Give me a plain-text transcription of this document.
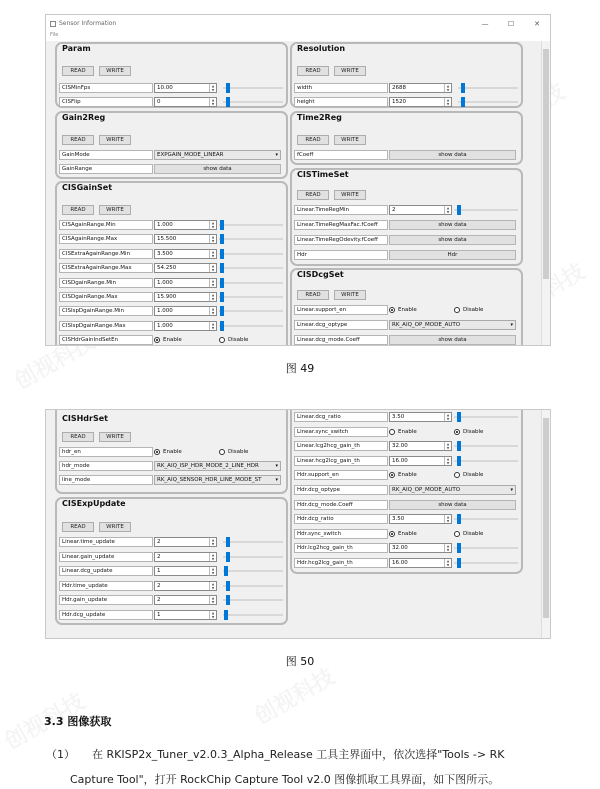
Sensor Information	—	☐	✕
File
Param
READ	WRITE
CISMinFps	10.00	▲
▼
CISFlip	0	▲
▼
Resolution
READ	WRITE
width	2688	▲
▼
height	1520	▲
▼
Gain2Reg
READ	WRITE
GainMode	EXPGAIN_MODE_LINEAR	▾
GainRange	show data
Time2Reg
READ	WRITE
fCoeff	show data
CISGainSet
READ	WRITE
CISAgainRange.Min	1.000	▲
▼
CISAgainRange.Max	15.500	▲
▼
CISExtraAgainRange.Min	3.500	▲
▼
CISExtraAgainRange.Max	54.250	▲
▼
CISDgainRange.Min	1.000	▲
▼
CISDgainRange.Max	15.900	▲
▼
CISIspDgainRange.Min	1.000	▲
▼
CISIspDgainRange.Max	1.000	▲
▼
CISHdrGainIndSetEn	Enable	Disable
CISTimeSet
READ	WRITE
Linear.TimeRegMin	2	▲
▼
Linear.TimeRegMaxFac.fCoeff	show data
Linear.TimeRegOdevity.fCoeff	show data
Hdr	Hdr
CISDcgSet
READ	WRITE
Linear.support_en	Enable	Disable
Linear.dcg_optype	RK_AIQ_OP_MODE_AUTO	▾
Linear.dcg_mode.Coeff	show data
图 49
CISHdrSet
READ	WRITE
hdr_en	Enable	Disable
hdr_mode	RK_AIQ_ISP_HDR_MODE_2_LINE_HDR	▾
line_mode	RK_AIQ_SENSOR_HDR_LINE_MODE_ST	▾
CISExpUpdate
READ	WRITE
Linear.time_update	2	▲
▼
Linear.gain_update	2	▲
▼
Linear.dcg_update	1	▲
▼
Hdr.time_update	2	▲
▼
Hdr.gain_update	2	▲
▼
Hdr.dcg_update	1	▲
▼
Linear.dcg_ratio	3.50	▲
▼
Linear.sync_switch	Enable	Disable
Linear.lcg2hcg_gain_th	32.00	▲
▼
Linear.hcg2lcg_gain_th	16.00	▲
▼
Hdr.support_en	Enable	Disable
Hdr.dcg_optype	RK_AIQ_OP_MODE_AUTO	▾
Hdr.dcg_mode.Coeff	show data
Hdr.dcg_ratio	3.50	▲
▼
Hdr.sync_switch	Enable	Disable
Hdr.lcg2hcg_gain_th	32.00	▲
▼
Hdr.hcg2lcg_gain_th	16.00	▲
▼
图 50
3.3 图像获取
（1） 在 RKISP2x_Tuner_v2.0.3_Alpha_Release 工具主界面中，依次选择"Tools -> RK
Capture Tool"，打开 RockChip Capture Tool v2.0 图像抓取工具界面，如下图所示。
